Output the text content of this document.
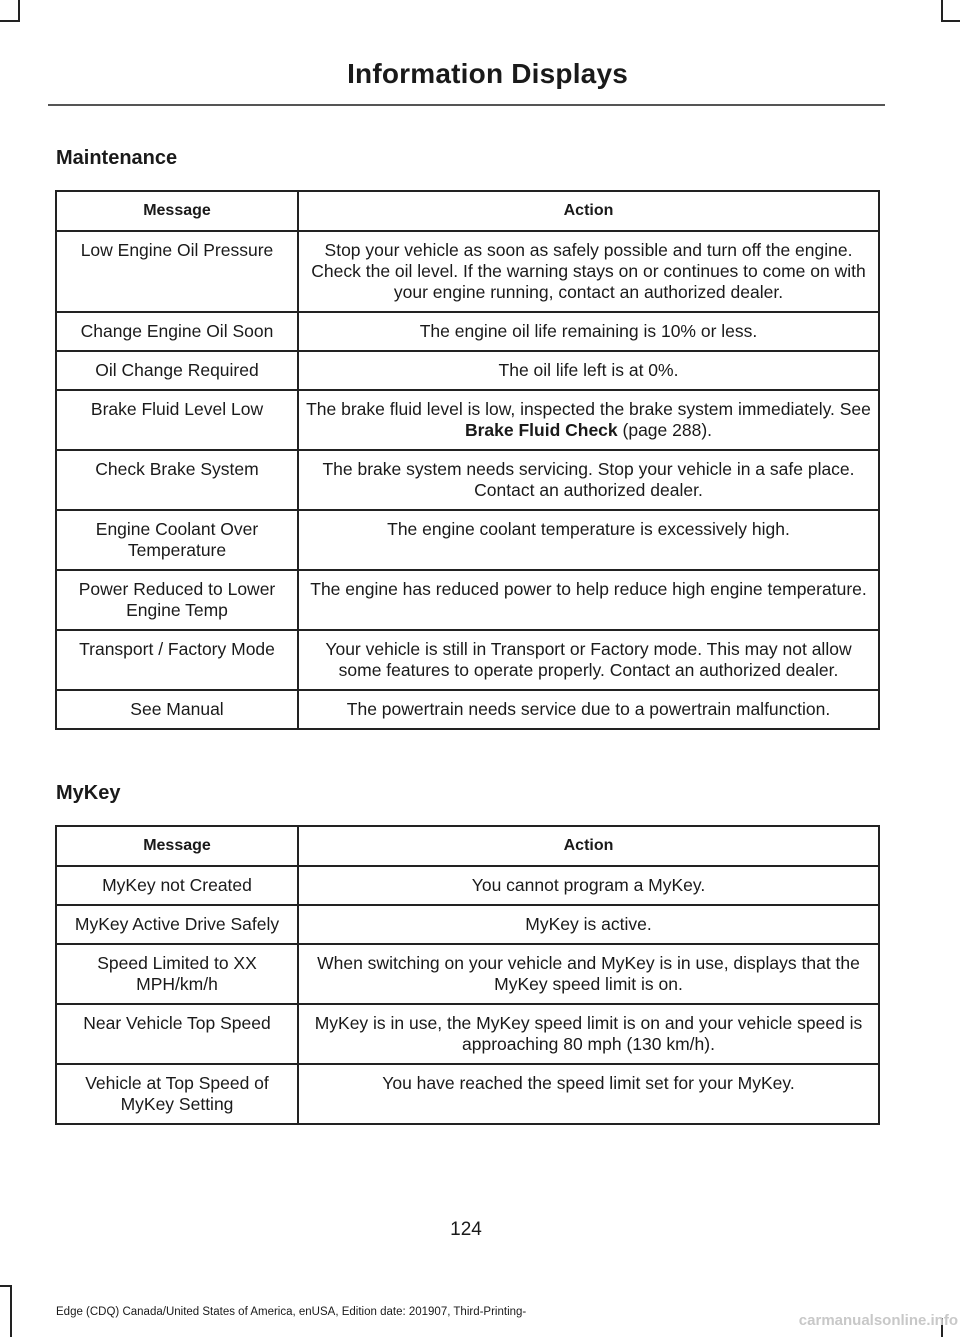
Information Displays
Maintenance
Message	Action
Low Engine Oil Pressure	Stop your vehicle as soon as safely possible and turn off the engine. Check the oil level. If the warning stays on or continues to come on with your engine running, contact an authorized dealer.
Change Engine Oil Soon	The engine oil life remaining is 10% or less.
Oil Change Required	The oil life left is at 0%.
Brake Fluid Level Low	The brake fluid level is low, inspected the brake system immediately. See Brake Fluid Check (page 288).
Check Brake System	The brake system needs servicing. Stop your vehicle in a safe place. Contact an authorized dealer.
Engine Coolant Over Temperature	The engine coolant temperature is excessively high.
Power Reduced to Lower Engine Temp	The engine has reduced power to help reduce high engine temperature.
Transport / Factory Mode	Your vehicle is still in Transport or Factory mode. This may not allow some features to operate properly. Contact an authorized dealer.
See Manual	The powertrain needs service due to a powertrain malfunction.
MyKey
Message	Action
MyKey not Created	You cannot program a MyKey.
MyKey Active Drive Safely	MyKey is active.
Speed Limited to XX MPH/km/h	When switching on your vehicle and MyKey is in use, displays that the MyKey speed limit is on.
Near Vehicle Top Speed	MyKey is in use, the MyKey speed limit is on and your vehicle speed is approaching 80 mph (130 km/h).
Vehicle at Top Speed of MyKey Setting	You have reached the speed limit set for your MyKey.
124
Edge (CDQ) Canada/United States of America, enUSA, Edition date: 201907, Third-Printing-	carmanualsonline.info
